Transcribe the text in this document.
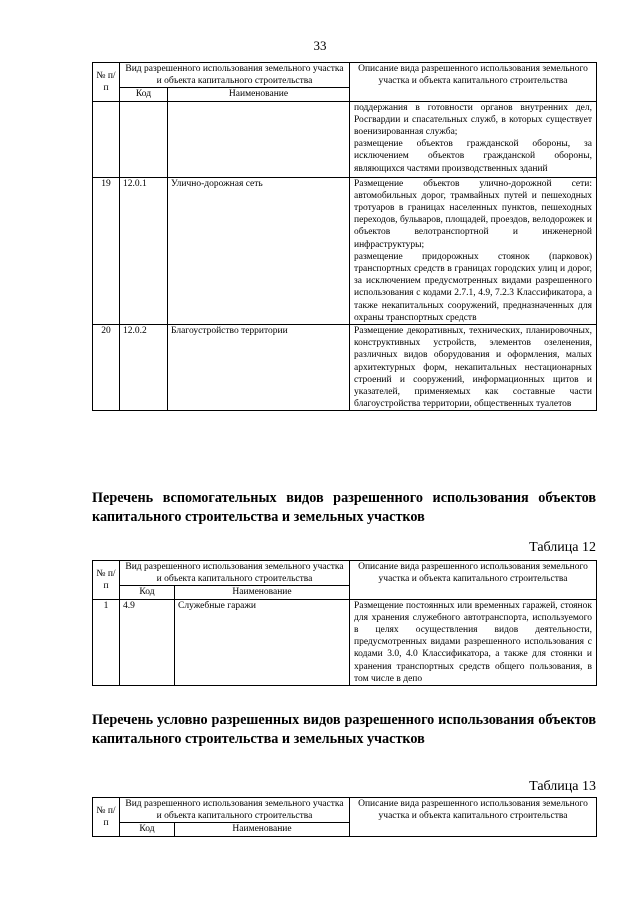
33
№ п/п	Вид разрешенного использования земельного участка и объекта капитального строительства		Описание вида разрешенного использования земельного участка и объекта капитального строительства
	Код	Наименование	

			поддержания в готовности органов внутренних дел, Росгвардии и спасательных служб, в которых существует военизированная служба;
размещение объектов гражданской обороны, за исключением объектов гражданской обороны, являющихся частями производственных зданий

19	12.0.1	Улично-дорожная сеть	Размещение объектов улично-дорожной сети: автомобильных дорог, трамвайных путей и пешеходных тротуаров в границах населенных пунктов, пешеходных переходов, бульваров, площадей, проездов, велодорожек и объектов велотранспортной и инженерной инфраструктуры;
размещение придорожных стоянок (парковок) транспортных средств в границах городских улиц и дорог, за исключением предусмотренных видами разрешенного использования с кодами 2.7.1, 4.9, 7.2.3 Классификатора, а также некапитальных сооружений, предназначенных для охраны транспортных средств

20	12.0.2	Благоустройство территории	Размещение декоративных, технических, планировочных, конструктивных устройств, элементов озеленения, различных видов оборудования и оформления, малых архитектурных форм, некапитальных нестационарных строений и сооружений, информационных щитов и указателей, применяемых как составные части благоустройства территории, общественных туалетов
Перечень вспомогательных видов разрешенного использования объектов капитального строительства и земельных участков
Таблица 12
№ п/п	Вид разрешенного использования земельного участка и объекта капитального строительства		Описание вида разрешенного использования земельного участка и объекта капитального строительства
	Код	Наименование	
1	4.9	Служебные гаражи	Размещение постоянных или временных гаражей, стоянок для хранения служебного автотранспорта, используемого в целях осуществления видов деятельности, предусмотренных видами разрешенного использования с кодами 3.0, 4.0 Классификатора, а также для стоянки и хранения транспортных средств общего пользования, в том числе в депо
Перечень условно разрешенных видов разрешенного использования объектов капитального строительства и земельных участков
Таблица 13
№ п/п	Вид разрешенного использования земельного участка и объекта капитального строительства		Описание вида разрешенного использования земельного участка и объекта капитального строительства
	Код	Наименование	
